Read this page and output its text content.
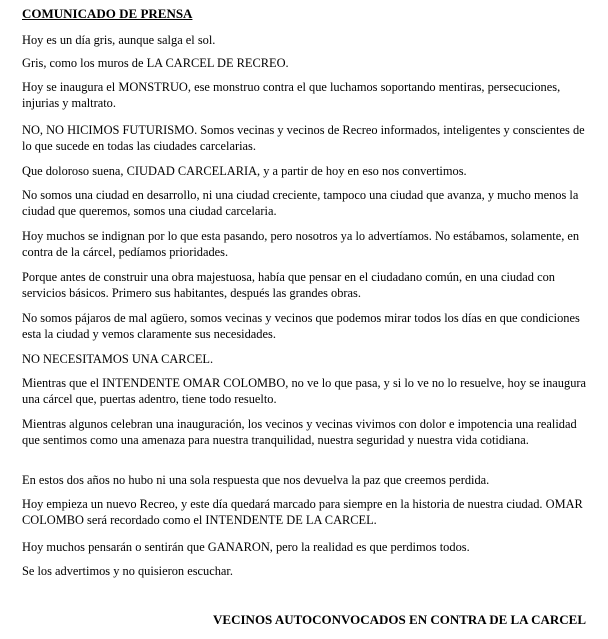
COMUNICADO DE PRENSA

Hoy es un día gris, aunque salga el sol.

Gris, como los muros de LA CARCEL DE RECREO.

Hoy se inaugura el MONSTRUO, ese monstruo contra el que luchamos soportando mentiras, persecuciones, injurias y maltrato.

NO, NO HICIMOS FUTURISMO. Somos vecinas y vecinos de Recreo informados, inteligentes y conscientes de lo que sucede en todas las ciudades carcelarias.

Que doloroso suena, CIUDAD CARCELARIA, y a partir de hoy en eso nos convertimos.

No somos una ciudad en desarrollo, ni una ciudad creciente, tampoco una ciudad que avanza, y mucho menos la ciudad que queremos, somos una ciudad carcelaria.

Hoy muchos se indignan por lo que esta pasando, pero nosotros ya lo advertíamos. No estábamos, solamente, en contra de la cárcel, pedíamos prioridades.

Porque antes de construir una obra majestuosa, había que pensar en el ciudadano común, en una ciudad con servicios básicos. Primero sus habitantes, después las grandes obras.

No somos pájaros de mal agüero, somos vecinas y vecinos que podemos mirar todos los días en que condiciones esta la ciudad y vemos claramente sus necesidades.

NO NECESITAMOS UNA CARCEL.

Mientras que el INTENDENTE OMAR COLOMBO, no ve lo que pasa, y si lo ve no lo resuelve, hoy se inaugura una cárcel que, puertas adentro, tiene todo resuelto.

Mientras algunos celebran una inauguración, los vecinos y vecinas vivimos con dolor e impotencia una realidad que sentimos como una amenaza para nuestra tranquilidad, nuestra seguridad y nuestra vida cotidiana.

En estos dos años no hubo ni una sola respuesta que nos devuelva la paz que creemos perdida.

Hoy empieza un nuevo Recreo, y este día quedará marcado para siempre en la historia de nuestra ciudad. OMAR COLOMBO será recordado como el INTENDENTE DE LA CARCEL.

Hoy muchos pensarán o sentirán que GANARON, pero la realidad es que perdimos todos.

Se los advertimos y no quisieron escuchar.

VECINOS AUTOCONVOCADOS EN CONTRA DE LA CARCEL
